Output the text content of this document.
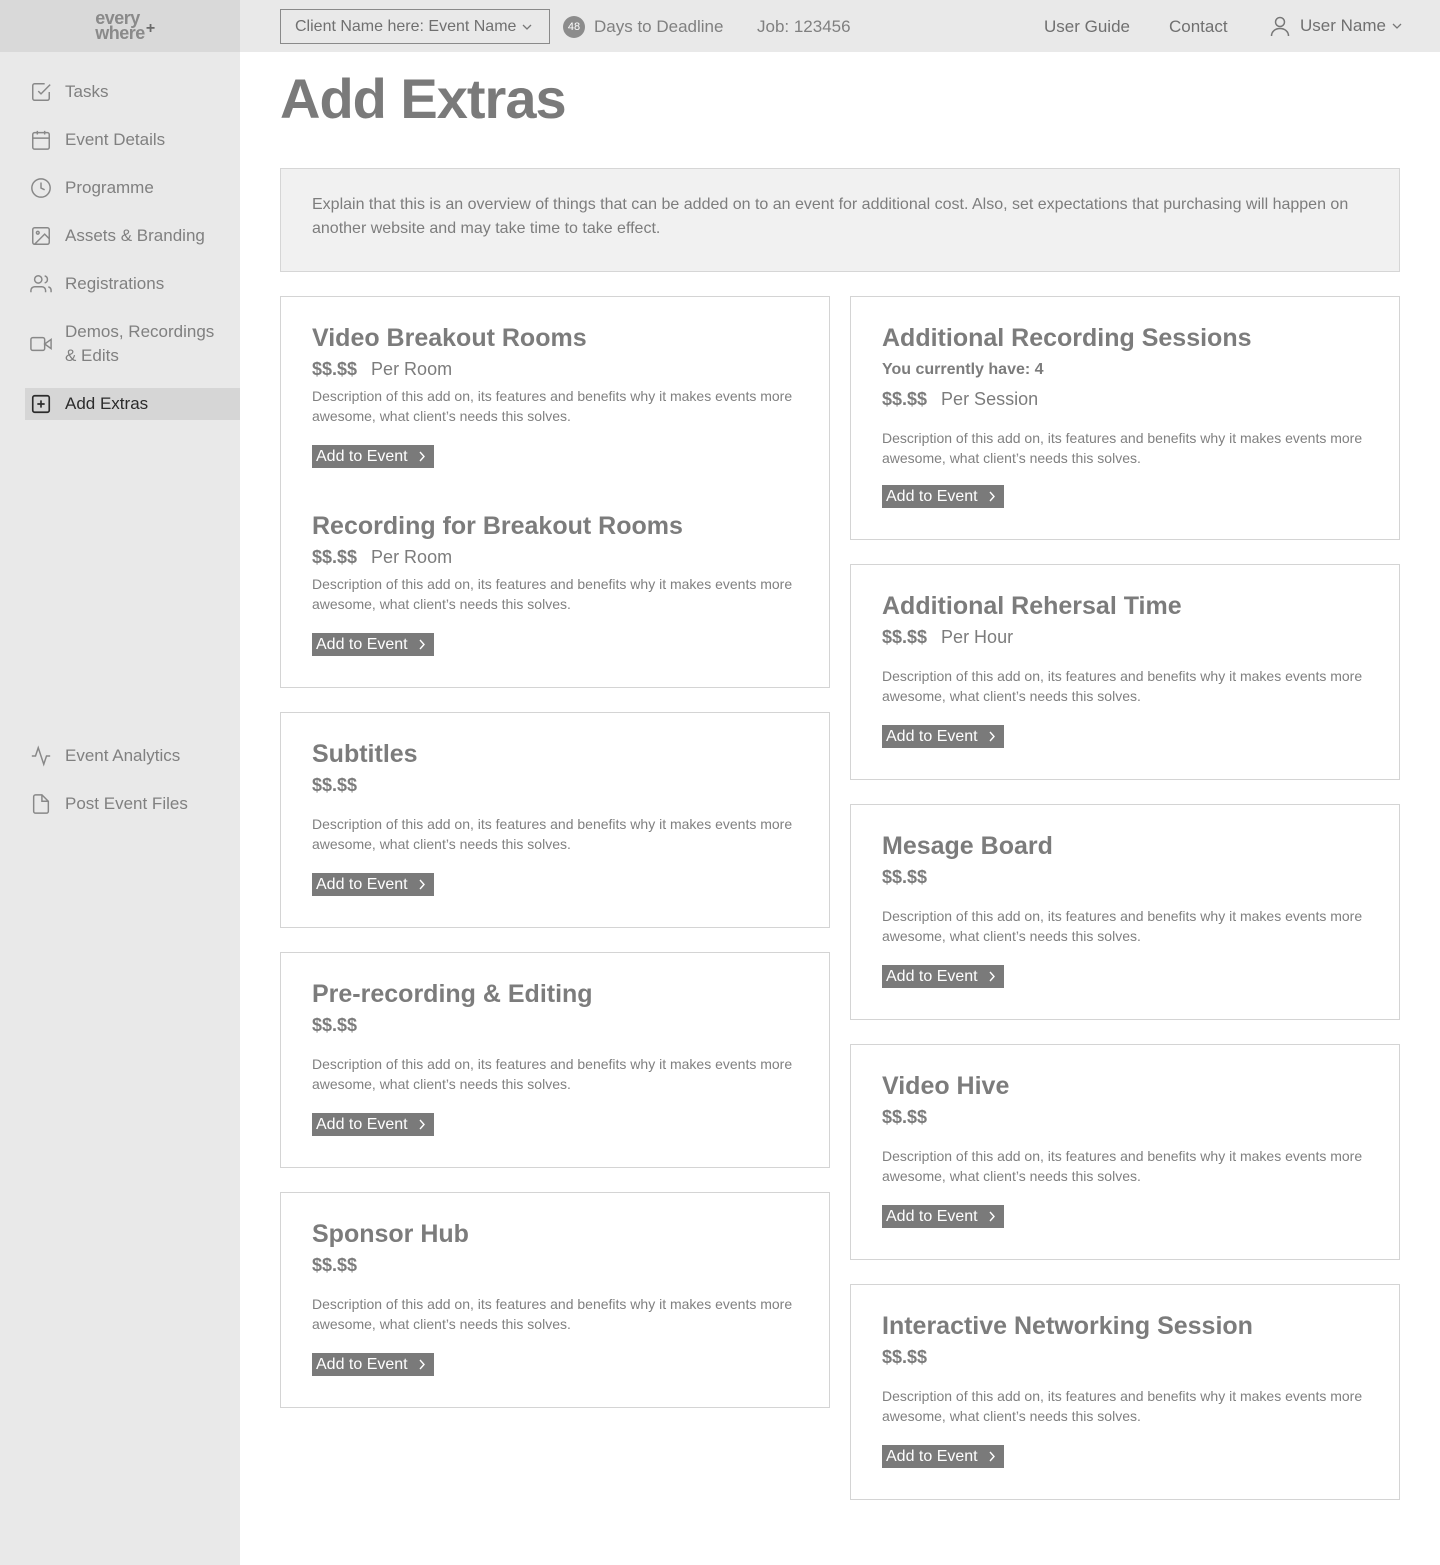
every
where +
Tasks
Event Details
Programme
Assets & Branding
Registrations
Demos, Recordings
& Edits
Add Extras
Event Analytics
Post Event Files
Client Name here: Event Name	48 Days to Deadline Job: 123456	User Guide Contact	User Name
Add Extras

Explain that this is an overview of things that can be added on to an event for additional cost. Also, set expectations that purchasing will happen on another website and may take time to take effect.

Video Breakout Rooms
$$.$$ Per Room

Description of this add on, its features and benefits why it makes events more awesome, what client’s needs this solves.

Add to Event
Recording for Breakout Rooms
$$.$$ Per Room

Description of this add on, its features and benefits why it makes events more awesome, what client’s needs this solves.

Add to Event
Subtitles
$$.$$

Description of this add on, its features and benefits why it makes events more awesome, what client’s needs this solves.

Add to Event
Pre-recording & Editing
$$.$$

Description of this add on, its features and benefits why it makes events more awesome, what client’s needs this solves.

Add to Event
Sponsor Hub
$$.$$

Description of this add on, its features and benefits why it makes events more awesome, what client’s needs this solves.

Add to Event
Additional Recording Sessions
You currently have: 4
$$.$$ Per Session

Description of this add on, its features and benefits why it makes events more awesome, what client’s needs this solves.

Add to Event
Additional Rehersal Time
$$.$$ Per Hour

Description of this add on, its features and benefits why it makes events more awesome, what client’s needs this solves.

Add to Event
Mesage Board
$$.$$

Description of this add on, its features and benefits why it makes events more awesome, what client’s needs this solves.

Add to Event
Video Hive
$$.$$

Description of this add on, its features and benefits why it makes events more awesome, what client’s needs this solves.

Add to Event
Interactive Networking Session
$$.$$

Description of this add on, its features and benefits why it makes events more awesome, what client’s needs this solves.

Add to Event
